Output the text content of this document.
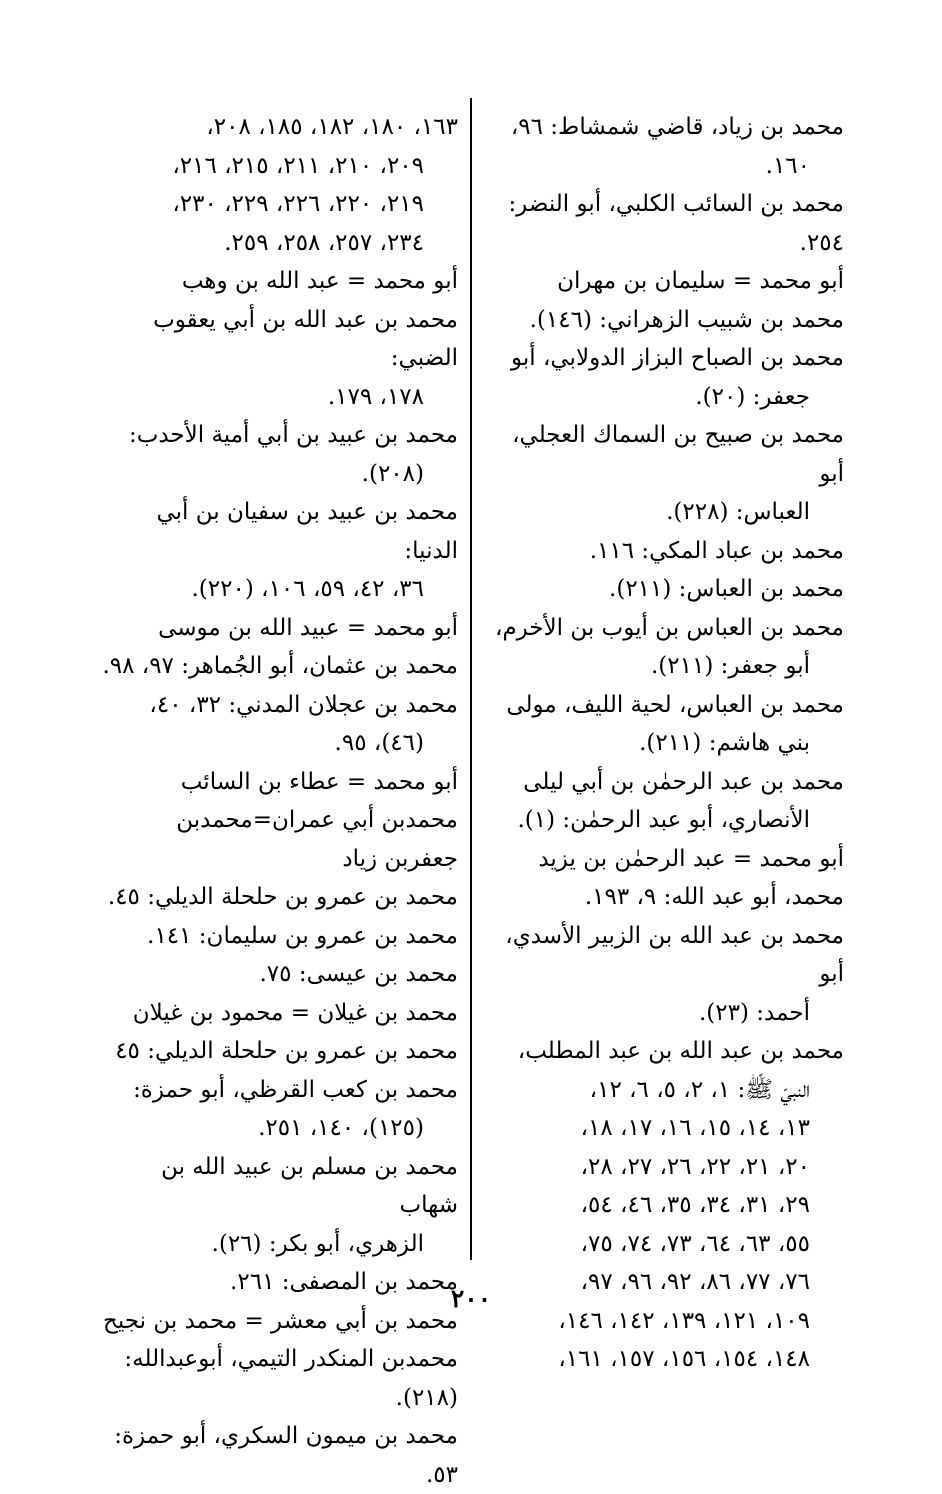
محمد بن زياد، قاضي شمشاط: ٩٦،

١٦٠.

محمد بن السائب الكلبي، أبو النضر: ٢٥٤.

أبو محمد = سليمان بن مهران

محمد بن شبيب الزهراني: (١٤٦).

محمد بن الصباح البزاز الدولابي، أبو

جعفر: (٢٠).

محمد بن صبيح بن السماك العجلي، أبو

العباس: (٢٢٨).

محمد بن عباد المكي: ١١٦.

محمد بن العباس: (٢١١).

محمد بن العباس بن أيوب بن الأخرم،

أبو جعفر: (٢١١).

محمد بن العباس، لحية الليف، مولى

بني هاشم: (٢١١).

محمد بن عبد الرحمٰن بن أبي ليلى

الأنصاري، أبو عبد الرحمٰن: (١).

أبو محمد = عبد الرحمٰن بن يزيد

محمد، أبو عبد الله: ٩، ١٩٣.

محمد بن عبد الله بن الزبير الأسدي، أبو

أحمد: (٢٣).

محمد بن عبد الله بن عبد المطلب،

النبيّ ﷺ: ١، ٢، ٥، ٦، ١٢،

١٣، ١٤، ١٥، ١٦، ١٧، ١٨،

٢٠، ٢١، ٢٢، ٢٦، ٢٧، ٢٨،

٢٩، ٣١، ٣٤، ٣٥، ٤٦، ٥٤،

٥٥، ٦٣، ٦٤، ٧٣، ٧٤، ٧٥،

٧٦، ٧٧، ٨٦، ٩٢، ٩٦، ٩٧،

١٠٩، ١٢١، ١٣٩، ١٤٢، ١٤٦،

١٤٨، ١٥٤، ١٥٦، ١٥٧، ١٦١،

١٦٣، ١٨٠، ١٨٢، ١٨٥، ٢٠٨،

٢٠٩، ٢١٠، ٢١١، ٢١٥، ٢١٦،

٢١٩، ٢٢٠، ٢٢٦، ٢٢٩، ٢٣٠،

٢٣٤، ٢٥٧، ٢٥٨، ٢٥٩.

أبو محمد = عبد الله بن وهب

محمد بن عبد الله بن أبي يعقوب الضبي:

١٧٨، ١٧٩.

محمد بن عبيد بن أبي أمية الأحدب:

(٢٠٨).

محمد بن عبيد بن سفيان بن أبي الدنيا:

٣٦، ٤٢، ٥٩، ١٠٦، (٢٢٠).

أبو محمد = عبيد الله بن موسى

محمد بن عثمان، أبو الجُماهر: ٩٧، ٩٨.

محمد بن عجلان المدني: ٣٢، ٤٠،

(٤٦)، ٩٥.

أبو محمد = عطاء بن السائب

محمدبن أبي عمران=محمدبن جعفربن زياد

محمد بن عمرو بن حلحلة الديلي: ٤٥.

محمد بن عمرو بن سليمان: ١٤١.

محمد بن عيسى: ٧٥.

محمد بن غيلان = محمود بن غيلان

محمد بن عمرو بن حلحلة الديلي: ٤٥

محمد بن كعب القرظي، أبو حمزة:

(١٢٥)، ١٤٠، ٢٥١.

محمد بن مسلم بن عبيد الله بن شهاب

الزهري، أبو بكر: (٢٦).

محمد بن المصفى: ٢٦١.

محمد بن أبي معشر = محمد بن نجيح

محمدبن المنكدر التيمي، أبوعبدالله: (٢١٨).

محمد بن ميمون السكري، أبو حمزة: ٥٣.

٢٠٠
